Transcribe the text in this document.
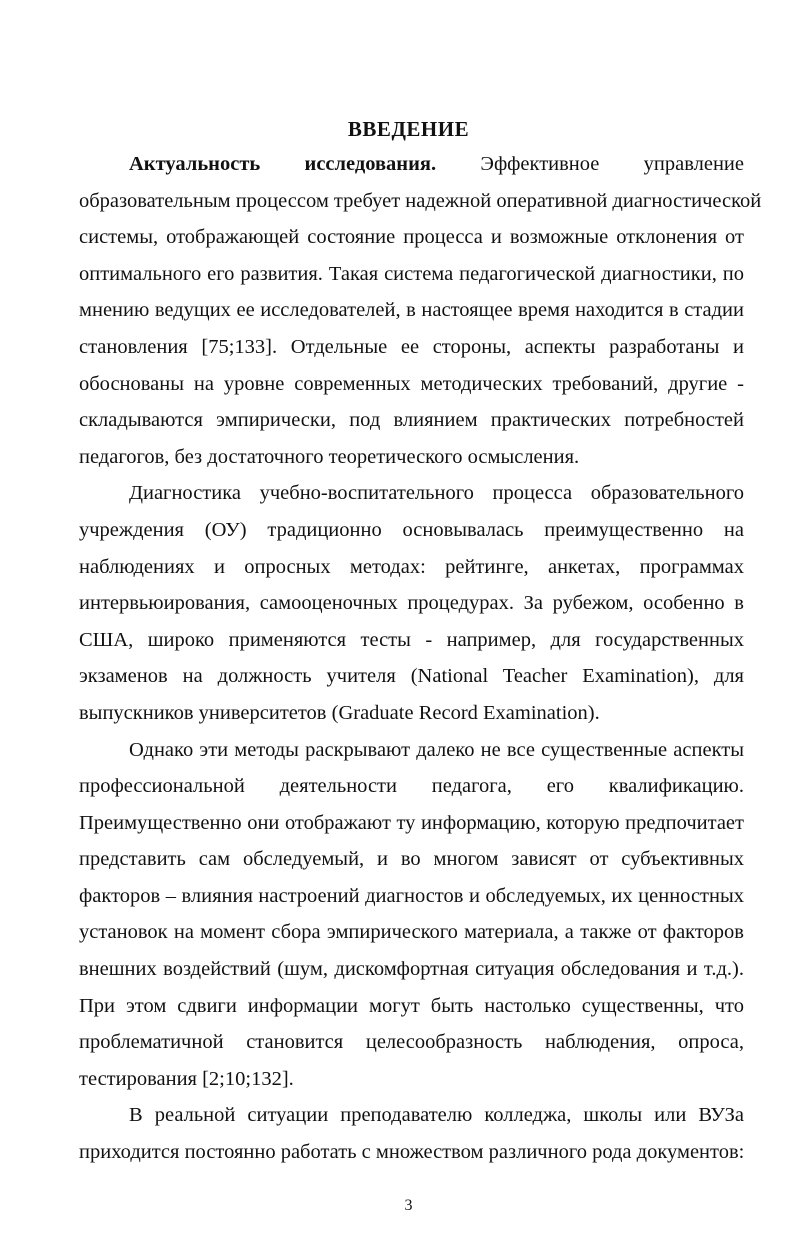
ВВЕДЕНИЕ
Актуальность исследования. Эффективное управление
образовательным процессом требует надежной оперативной диагностической
системы, отображающей состояние процесса и возможные отклонения от
оптимального его развития. Такая система педагогической диагностики, по
мнению ведущих ее исследователей, в настоящее время находится в стадии
становления [75;133]. Отдельные ее стороны, аспекты разработаны и
обоснованы на уровне современных методических требований, другие -
складываются эмпирически, под влиянием практических потребностей
педагогов, без достаточного теоретического осмысления.
Диагностика учебно-воспитательного процесса образовательного
учреждения (ОУ) традиционно основывалась преимущественно на
наблюдениях и опросных методах: рейтинге, анкетах, программах
интервьюирования, самооценочных процедурах. За рубежом, особенно в
США, широко применяются тесты - например, для государственных
экзаменов на должность учителя (National Teacher Examination), для
выпускников университетов (Graduate Record Examination).
Однако эти методы раскрывают далеко не все существенные аспекты
профессиональной деятельности педагога, его квалификацию.
Преимущественно они отображают ту информацию, которую предпочитает
представить сам обследуемый, и во многом зависят от субъективных
факторов – влияния настроений диагностов и обследуемых, их ценностных
установок на момент сбора эмпирического материала, а также от факторов
внешних воздействий (шум, дискомфортная ситуация обследования и т.д.).
При этом сдвиги информации могут быть настолько существенны, что
проблематичной становится целесообразность наблюдения, опроса,
тестирования [2;10;132].
В реальной ситуации преподавателю колледжа, школы или ВУЗа
приходится постоянно работать с множеством различного рода документов:
3
